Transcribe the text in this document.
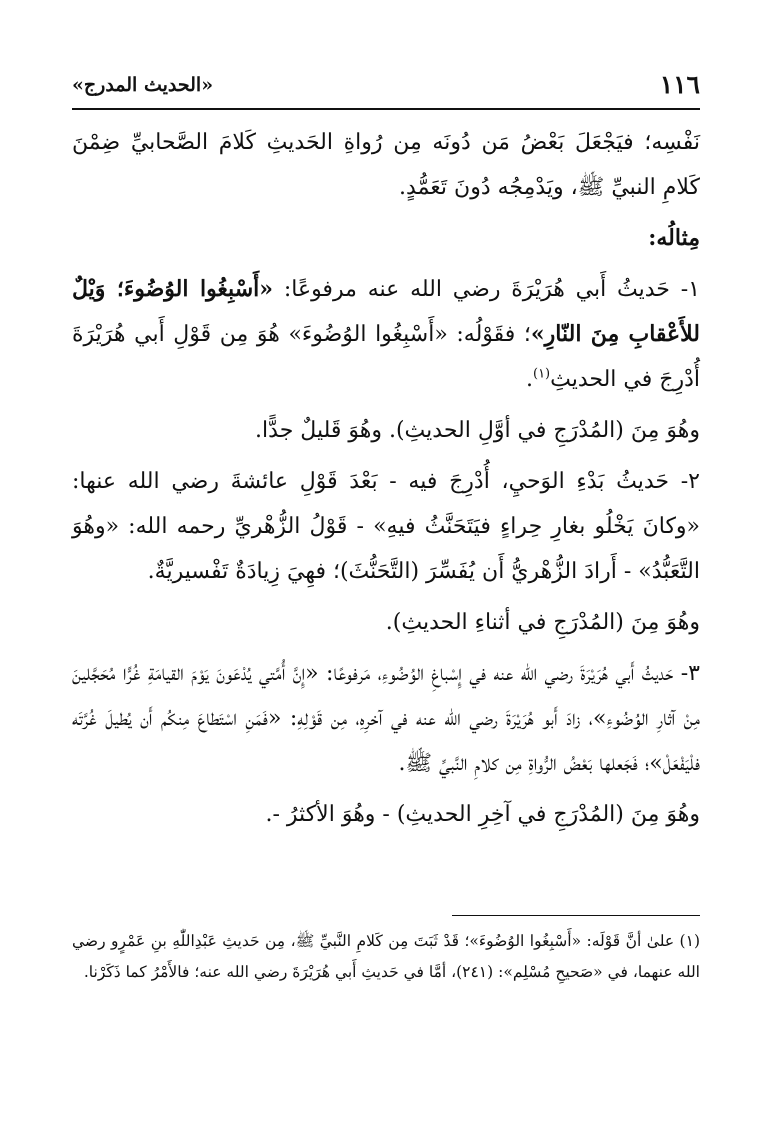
١١٦
«الحديث المدرج»

نَفْسِه؛ فيَجْعَلَ بَعْضُ مَن دُونَه مِن رُواةِ الحَديثِ كَلامَ الصَّحابيِّ ضِمْنَ كَلامِ النبيِّ ﷺ، ويَدْمِجُه دُونَ تَعَمُّدٍ.

مِثالُه:

١- حَديثُ أَبي هُرَيْرَةَ رضي الله عنه مرفوعًا: «أَسْبِغُوا الوُضُوءَ؛ وَيْلٌ للأَعْقابِ مِنَ النّارِ»؛ فقَوْلُه: «أَسْبِغُوا الوُضُوءَ» هُوَ مِن قَوْلِ أَبي هُرَيْرَةَ أُدْرِجَ في الحديثِ$^{(١)}$.

وهُوَ مِنَ (المُدْرَجِ في أوَّلِ الحديثِ). وهُوَ قَليلٌ جدًّا.

٢- حَديثُ بَدْءِ الوَحيِ، أُدْرِجَ فيه - بَعْدَ قَوْلِ عائشةَ رضي الله عنها: «وكانَ يَخْلُو بغارِ حِراءٍ فيَتَحَنَّثُ فيهِ» - قَوْلُ الزُّهْريِّ رحمه الله: «وهُوَ التَّعَبُّدُ» - أَرادَ الزُّهْريُّ أَن يُفَسِّرَ (التَّحَنُّثَ)؛ فهِيَ زِيادَةٌ تَفْسيريَّةٌ.

وهُوَ مِنَ (المُدْرَجِ في أثناءِ الحديثِ).

٣- حَديثُ أَبي هُرَيْرَةَ رضي الله عنه في إِسْباغِ الوُضُوءِ، مَرفوعًا: «إِنَّ أُمَّتي يُدْعَونَ يَوْمَ القيامَةِ غُرًّا مُحَجَّلينَ مِنْ آثارِ الوُضُوءِ»، زادَ أَبو هُرَيْرَةَ رضي الله عنه في آخرِهِ، مِن قَوْلِهِ: «فَمَنِ اسْتَطاعَ مِنكُم أَن يُطيلَ غُرَّتَه فلْيَفْعَلْ»؛ فَجَعلها بَعْضُ الرُّواةِ مِن كلامِ النَّبيِّ ﷺ.

وهُوَ مِنَ (المُدْرَجِ في آخِرِ الحديثِ) - وهُوَ الأكثرُ -.

(١) علىٰ أنَّ قَوْلَه: «أَسْبِغُوا الوُضُوءَ»؛ قَدْ ثَبَتَ مِن كَلامِ النَّبيِّ ﷺ، مِن حَديثِ عَبْدِاللّٰهِ بنِ عَمْرٍو رضي الله عنهما، في «صَحيحِ مُسْلِم»: (٢٤١)، أمَّا في حَديثِ أَبي هُرَيْرَةَ رضي الله عنه؛ فالأَمْرُ كما ذَكَرْنا.
